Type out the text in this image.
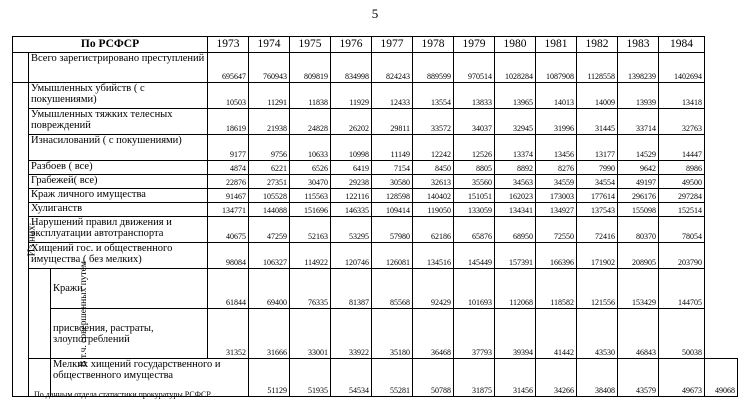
5
По РСФСР			1973	1974	1975	1976	1977	1978	1979	1980	1981	1982	1983	1984	
	Всего зарегистрировано преступлений		695647	760943	809819	834998	824243	889599	970514	1028284	1087908	1128558	1398239	1402694	
Из них:	Умышленных убийств ( с покушениями)		10503	11291	11838	11929	12433	13554	13833	13965	14013	14009	13939	13418	
	Умышленных тяжких телесных повреждений		18619	21938	24828	26202	29811	33572	34037	32945	31996	31445	33714	32763	
	Изнасилований ( с покушениями)		9177	9756	10633	10998	11149	12242	12526	13374	13456	13177	14529	14447	
	Разбоев ( все)		4874	6221	6526	6419	7154	8450	8805	8892	8276	7990	9642	8986	
	Грабежей( все)		22876	27351	30470	29238	30580	32613	35560	34563	34559	34554	49197	49500	
	Краж личного имущества		91467	105528	115563	122116	128598	140402	151051	162023	173003	177614	296176	297284	
	Хулиганств		134771	144088	151696	146335	109414	119050	133059	134341	134927	137543	155098	152514	
	Нарушений правил движения и эксплуатации автотранспорта		40675	47259	52163	53295	57980	62186	65876	68950	72550	72416	80370	78054	
	Хищений гос. и общественного имущества ( без мелких)		98084	106327	114922	120746	126081	134516	145449	157391	166396	171902	208905	203790	
	В т.ч. совершенных путем	Кражи	61844	69400	76335	81387	85568	92429	101693	112068	118582	121556	153429	144705	
		присвоения, растраты, злоупотреблений	31352	31666	33001	33922	35180	36468	37793	39394	41442	43530	46843	50038	
		Мелких хищений государственного и общественного имущества		51129	51935	54534	55281	50788	31875	31456	34266	38408	43579	49673	49068
По данным отдела статистики прокуратуры РСФСР
